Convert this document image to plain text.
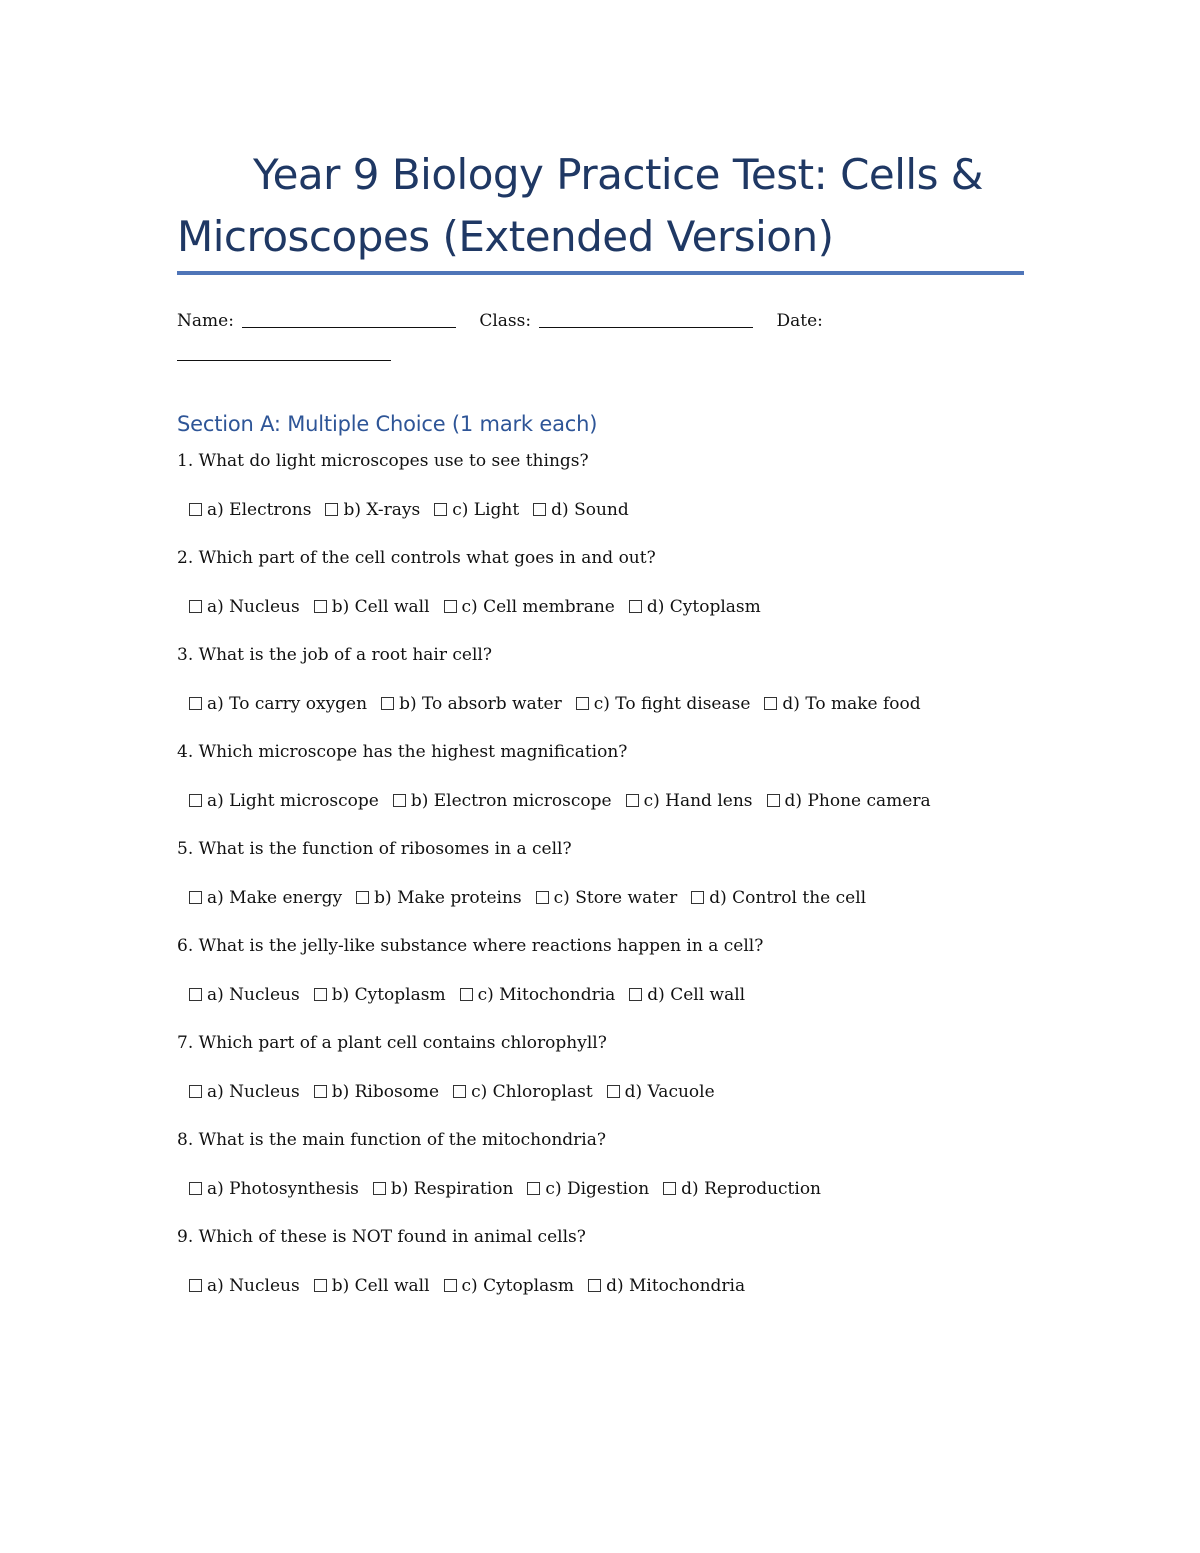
Year 9 Biology Practice Test: Cells & Microscopes (Extended Version)
Name:	Class:	Date:
Section A: Multiple Choice (1 mark each)
1. What do light microscopes use to see things?
a) Electrons b) X-rays c) Light d) Sound
2. Which part of the cell controls what goes in and out?
a) Nucleus b) Cell wall c) Cell membrane d) Cytoplasm
3. What is the job of a root hair cell?
a) To carry oxygen b) To absorb water c) To fight disease d) To make food
4. Which microscope has the highest magnification?
a) Light microscope b) Electron microscope c) Hand lens d) Phone camera
5. What is the function of ribosomes in a cell?
a) Make energy b) Make proteins c) Store water d) Control the cell
6. What is the jelly-like substance where reactions happen in a cell?
a) Nucleus b) Cytoplasm c) Mitochondria d) Cell wall
7. Which part of a plant cell contains chlorophyll?
a) Nucleus b) Ribosome c) Chloroplast d) Vacuole
8. What is the main function of the mitochondria?
a) Photosynthesis b) Respiration c) Digestion d) Reproduction
9. Which of these is NOT found in animal cells?
a) Nucleus b) Cell wall c) Cytoplasm d) Mitochondria
